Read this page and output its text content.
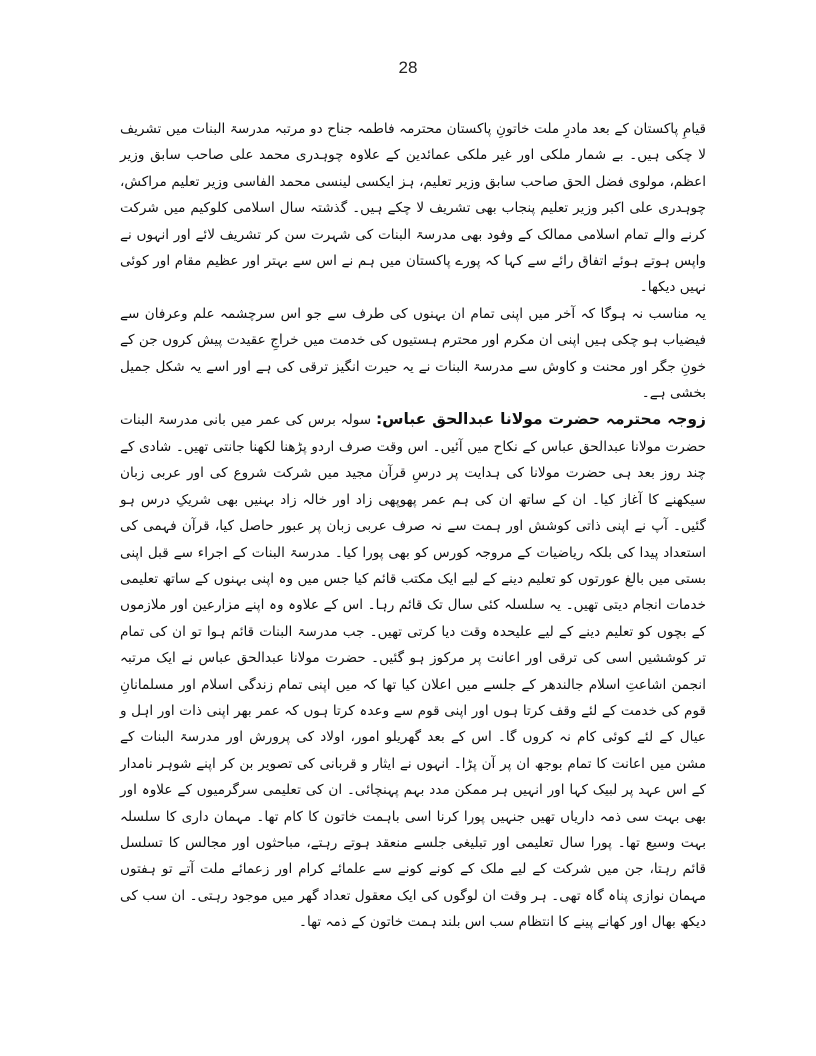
28

قیامِ پاکستان کے بعد مادرِ ملت خاتونِ پاکستان محترمہ فاطمہ جناح دو مرتبہ مدرسۃ البنات میں تشریف لا چکی ہیں۔ بے شمار ملکی اور غیر ملکی عمائدین کے علاوہ چوہدری محمد علی صاحب سابق وزیر اعظم، مولوی فضل الحق صاحب سابق وزیر تعلیم، ہز ایکسی لینسی محمد الفاسی وزیر تعلیم مراکش، چوہدری علی اکبر وزیر تعلیم پنجاب بھی تشریف لا چکے ہیں۔ گذشتہ سال اسلامی کلوکیم میں شرکت کرنے والے تمام اسلامی ممالک کے وفود بھی مدرسۃ البنات کی شہرت سن کر تشریف لائے اور انہوں نے واپس ہوتے ہوئے اتفاق رائے سے کہا کہ پورے پاکستان میں ہم نے اس سے بہتر اور عظیم مقام اور کوئی نہیں دیکھا۔

یہ مناسب نہ ہوگا کہ آخر میں اپنی تمام ان بہنوں کی طرف سے جو اس سرچشمہ علم وعرفان سے فیضیاب ہو چکی ہیں اپنی ان مکرم اور محترم ہستیوں کی خدمت میں خراجِ عقیدت پیش کروں جن کے خونِ جگر اور محنت و کاوش سے مدرسۃ البنات نے یہ حیرت انگیز ترقی کی ہے اور اسے یہ شکل جمیل بخشی ہے۔

زوجہ محترمہ حضرت مولانا عبدالحق عباس: سولہ برس کی عمر میں بانی مدرسۃ البنات حضرت مولانا عبدالحق عباس کے نکاح میں آئیں۔ اس وقت صرف اردو پڑھنا لکھنا جانتی تھیں۔ شادی کے چند روز بعد ہی حضرت مولانا کی ہدایت پر درسِ قرآن مجید میں شرکت شروع کی اور عربی زبان سیکھنے کا آغاز کیا۔ ان کے ساتھ ان کی ہم عمر پھوپھی زاد اور خالہ زاد بہنیں بھی شریکِ درس ہو گئیں۔ آپ نے اپنی ذاتی کوشش اور ہمت سے نہ صرف عربی زبان پر عبور حاصل کیا، قرآن فہمی کی استعداد پیدا کی بلکہ ریاضیات کے مروجہ کورس کو بھی پورا کیا۔ مدرسۃ البنات کے اجراء سے قبل اپنی بستی میں بالغ عورتوں کو تعلیم دینے کے لیے ایک مکتب قائم کیا جس میں وہ اپنی بہنوں کے ساتھ تعلیمی خدمات انجام دیتی تھیں۔ یہ سلسلہ کئی سال تک قائم رہا۔ اس کے علاوہ وہ اپنے مزارعین اور ملازموں کے بچوں کو تعلیم دینے کے لیے علیحدہ وقت دیا کرتی تھیں۔ جب مدرسۃ البنات قائم ہوا تو ان کی تمام تر کوششیں اسی کی ترقی اور اعانت پر مرکوز ہو گئیں۔ حضرت مولانا عبدالحق عباس نے ایک مرتبہ انجمن اشاعتِ اسلام جالندھر کے جلسے میں اعلان کیا تھا کہ میں اپنی تمام زندگی اسلام اور مسلمانانِ قوم کی خدمت کے لئے وقف کرتا ہوں اور اپنی قوم سے وعدہ کرتا ہوں کہ عمر بھر اپنی ذات اور اہل و عیال کے لئے کوئی کام نہ کروں گا۔ اس کے بعد گھریلو امور، اولاد کی پرورش اور مدرسۃ البنات کے مشن میں اعانت کا تمام بوجھ ان پر آن پڑا۔ انہوں نے ایثار و قربانی کی تصویر بن کر اپنے شوہر نامدار کے اس عہد پر لبیک کہا اور انہیں ہر ممکن مدد بہم پہنچائی۔ ان کی تعلیمی سرگرمیوں کے علاوہ اور بھی بہت سی ذمہ داریاں تھیں جنہیں پورا کرنا اسی باہمت خاتون کا کام تھا۔ مہمان داری کا سلسلہ بہت وسیع تھا۔ پورا سال تعلیمی اور تبلیغی جلسے منعقد ہوتے رہتے، مباحثوں اور مجالس کا تسلسل قائم رہتا، جن میں شرکت کے لیے ملک کے کونے کونے سے علمائے کرام اور زعمائے ملت آتے تو ہفتوں مہمان نوازی پناہ گاہ تھی۔ ہر وقت ان لوگوں کی ایک معقول تعداد گھر میں موجود رہتی۔ ان سب کی دیکھ بھال اور کھانے پینے کا انتظام سب اس بلند ہمت خاتون کے ذمہ تھا۔
